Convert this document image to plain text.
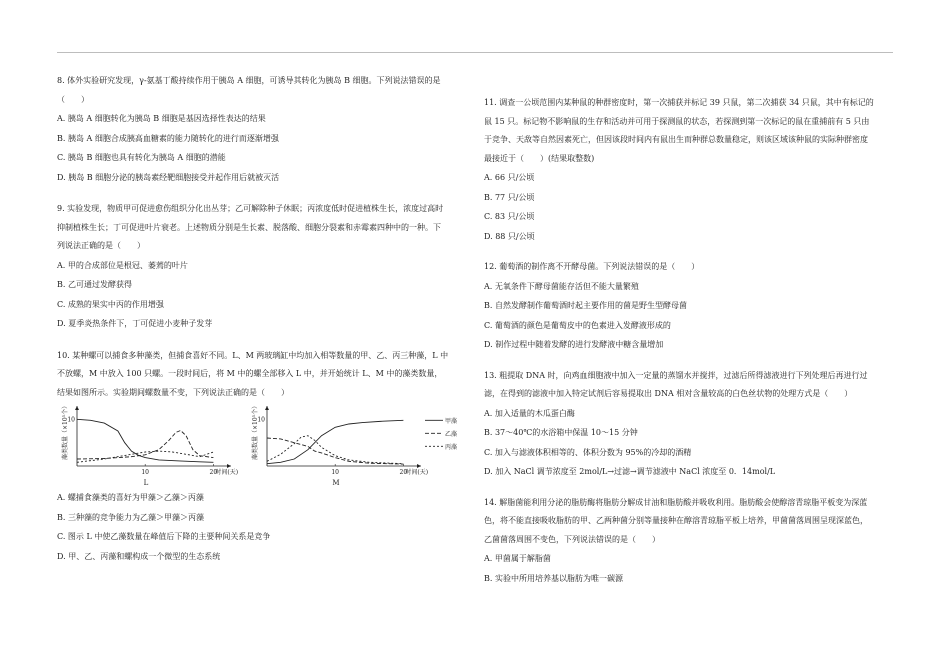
8. 体外实验研究发现，γ-氨基丁酸持续作用于胰岛 A 细胞，可诱导其转化为胰岛 B 细胞。下列说法错误的是

（　　）

A. 胰岛 A 细胞转化为胰岛 B 细胞是基因选择性表达的结果

B. 胰岛 A 细胞合成胰高血糖素的能力随转化的进行而逐渐增强

C. 胰岛 B 细胞也具有转化为胰岛 A 细胞的潜能

D. 胰岛 B 细胞分泌的胰岛素经靶细胞接受并起作用后就被灭活

9. 实验发现，物质甲可促进愈伤组织分化出丛芽；乙可解除种子休眠；丙浓度低时促进植株生长，浓度过高时

抑制植株生长；丁可促进叶片衰老。上述物质分别是生长素、脱落酸、细胞分裂素和赤霉素四种中的一种。下

列说法正确的是（　　）

A. 甲的合成部位是根冠、萎蔫的叶片

B. 乙可通过发酵获得

C. 成熟的果实中丙的作用增强

D. 夏季炎热条件下，丁可促进小麦种子发芽

10. 某种螺可以捕食多种藻类，但捕食喜好不同。L、M 两玻璃缸中均加入相等数量的甲、乙、丙三种藻，L 中

不放螺，M 中放入 100 只螺。一段时间后，将 M 中的螺全部移入 L 中，并开始统计 L、M 中的藻类数量，

结果如图所示。实验期间螺数量不变，下列说法正确的是（　　）

10
10	20
时间(天)
L
藻类数量（×10⁵个）	10
10	20
时间(天)
M
藻类数量（×10⁵个）	甲藻
乙藻
丙藻

A. 螺捕食藻类的喜好为甲藻＞乙藻＞丙藻

B. 三种藻的竞争能力为乙藻＞甲藻＞丙藻

C. 图示 L 中使乙藻数量在峰值后下降的主要种间关系是竞争

D. 甲、乙、丙藻和螺构成一个微型的生态系统

11. 调查一公顷范围内某种鼠的种群密度时，第一次捕获并标记 39 只鼠，第二次捕获 34 只鼠，其中有标记的

鼠 15 只。标记物不影响鼠的生存和活动并可用于探测鼠的状态，若探测到第一次标记的鼠在重捕前有 5 只由

于竞争、天敌等自然因素死亡，但因该段时间内有鼠出生而种群总数量稳定，则该区域该种鼠的实际种群密度

最接近于（　　）(结果取整数)

A. 66 只/公顷

B. 77 只/公顷

C. 83 只/公顷

D. 88 只/公顷

12. 葡萄酒的制作离不开酵母菌。下列说法错误的是（　　）

A. 无氧条件下酵母菌能存活但不能大量繁殖

B. 自然发酵制作葡萄酒时起主要作用的菌是野生型酵母菌

C. 葡萄酒的颜色是葡萄皮中的色素进入发酵液形成的

D. 制作过程中随着发酵的进行发酵液中糖含量增加

13. 粗提取 DNA 时，向鸡血细胞液中加入一定量的蒸馏水并搅拌，过滤后所得滤液进行下列处理后再进行过

滤，在得到的滤液中加入特定试剂后容易提取出 DNA 相对含量较高的白色丝状物的处理方式是（　　）

A. 加入适量的木瓜蛋白酶

B. 37～40℃的水浴箱中保温 10～15 分钟

C. 加入与滤液体积相等的、体积分数为 95%的冷却的酒精

D. 加入 NaCl 调节浓度至 2mol/L→过滤→调节滤液中 NaCl 浓度至 0．14mol/L

14. 解脂菌能利用分泌的脂肪酶将脂肪分解成甘油和脂肪酸并吸收利用。脂肪酸会使醇溶青琼脂平板变为深蓝

色，将不能直接吸收脂肪的甲、乙两种菌分别等量接种在醇溶青琼脂平板上培养，甲菌菌落周围呈现深蓝色，

乙菌菌落周围不变色，下列说法错误的是（　　）

A. 甲菌属于解脂菌

B. 实验中所用培养基以脂肪为唯一碳源
